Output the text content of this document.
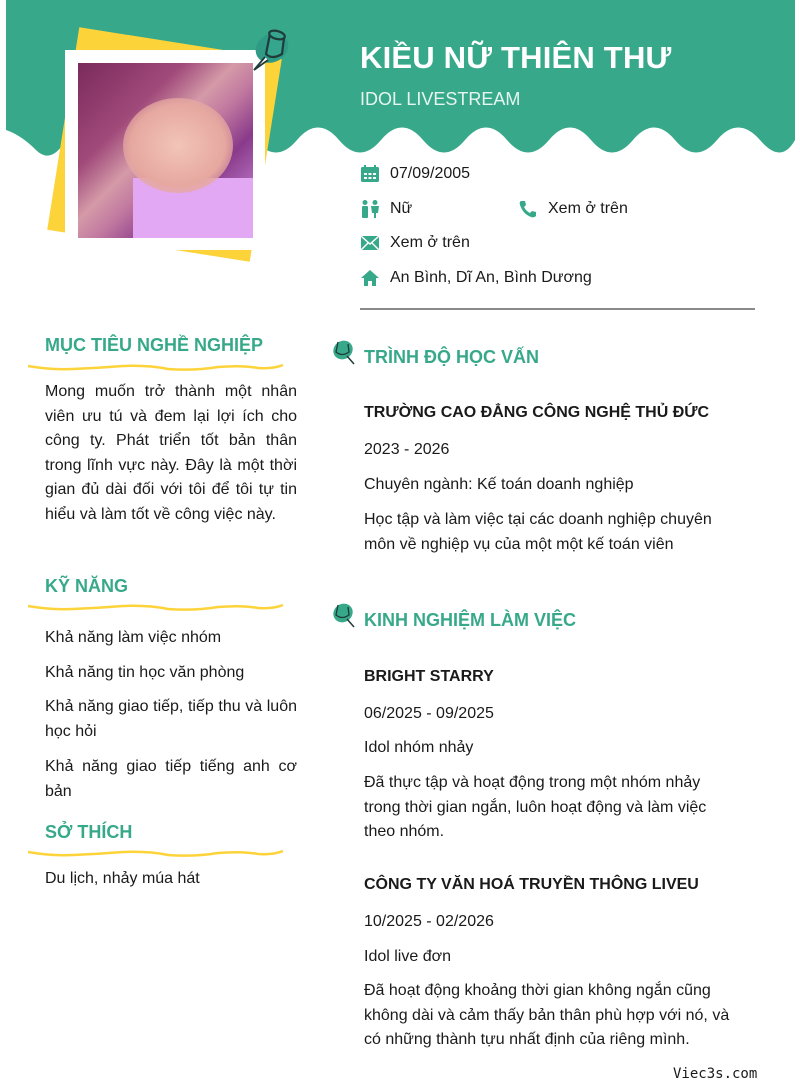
KIỀU NỮ THIÊN THƯ
IDOL LIVESTREAM
07/09/2005
Nữ	Xem ở trên
Xem ở trên
An Bình, Dĩ An, Bình Dương
MỤC TIÊU NGHỀ NGHIỆP
Mong muốn trở thành một nhân viên ưu tú và đem lại lợi ích cho công ty. Phát triển tốt bản thân trong lĩnh vực này. Đây là một thời gian đủ dài đối với tôi để tôi tự tin hiểu và làm tốt về công việc này.
KỸ NĂNG
Khả năng làm việc nhóm
Khả năng tin học văn phòng
Khả năng giao tiếp, tiếp thu và luôn học hỏi
Khả năng giao tiếp tiếng anh cơ bản
SỞ THÍCH
Du lịch, nhảy múa hát
TRÌNH ĐỘ HỌC VẤN
TRƯỜNG CAO ĐẲNG CÔNG NGHỆ THỦ ĐỨC
2023 - 2026
Chuyên ngành: Kế toán doanh nghiệp
Học tập và làm việc tại các doanh nghiệp chuyên môn về nghiệp vụ của một một kế toán viên
KINH NGHIỆM LÀM VIỆC
BRIGHT STARRY
06/2025 - 09/2025
Idol nhóm nhảy
Đã thực tập và hoạt động trong một nhóm nhảy trong thời gian ngắn, luôn hoạt động và làm việc theo nhóm.
CÔNG TY VĂN HOÁ TRUYỀN THÔNG LIVEU
10/2025 - 02/2026
Idol live đơn
Đã hoạt động khoảng thời gian không ngắn cũng không dài và cảm thấy bản thân phù hợp với nó, và có những thành tựu nhất định của riêng mình.
Viec3s.com
